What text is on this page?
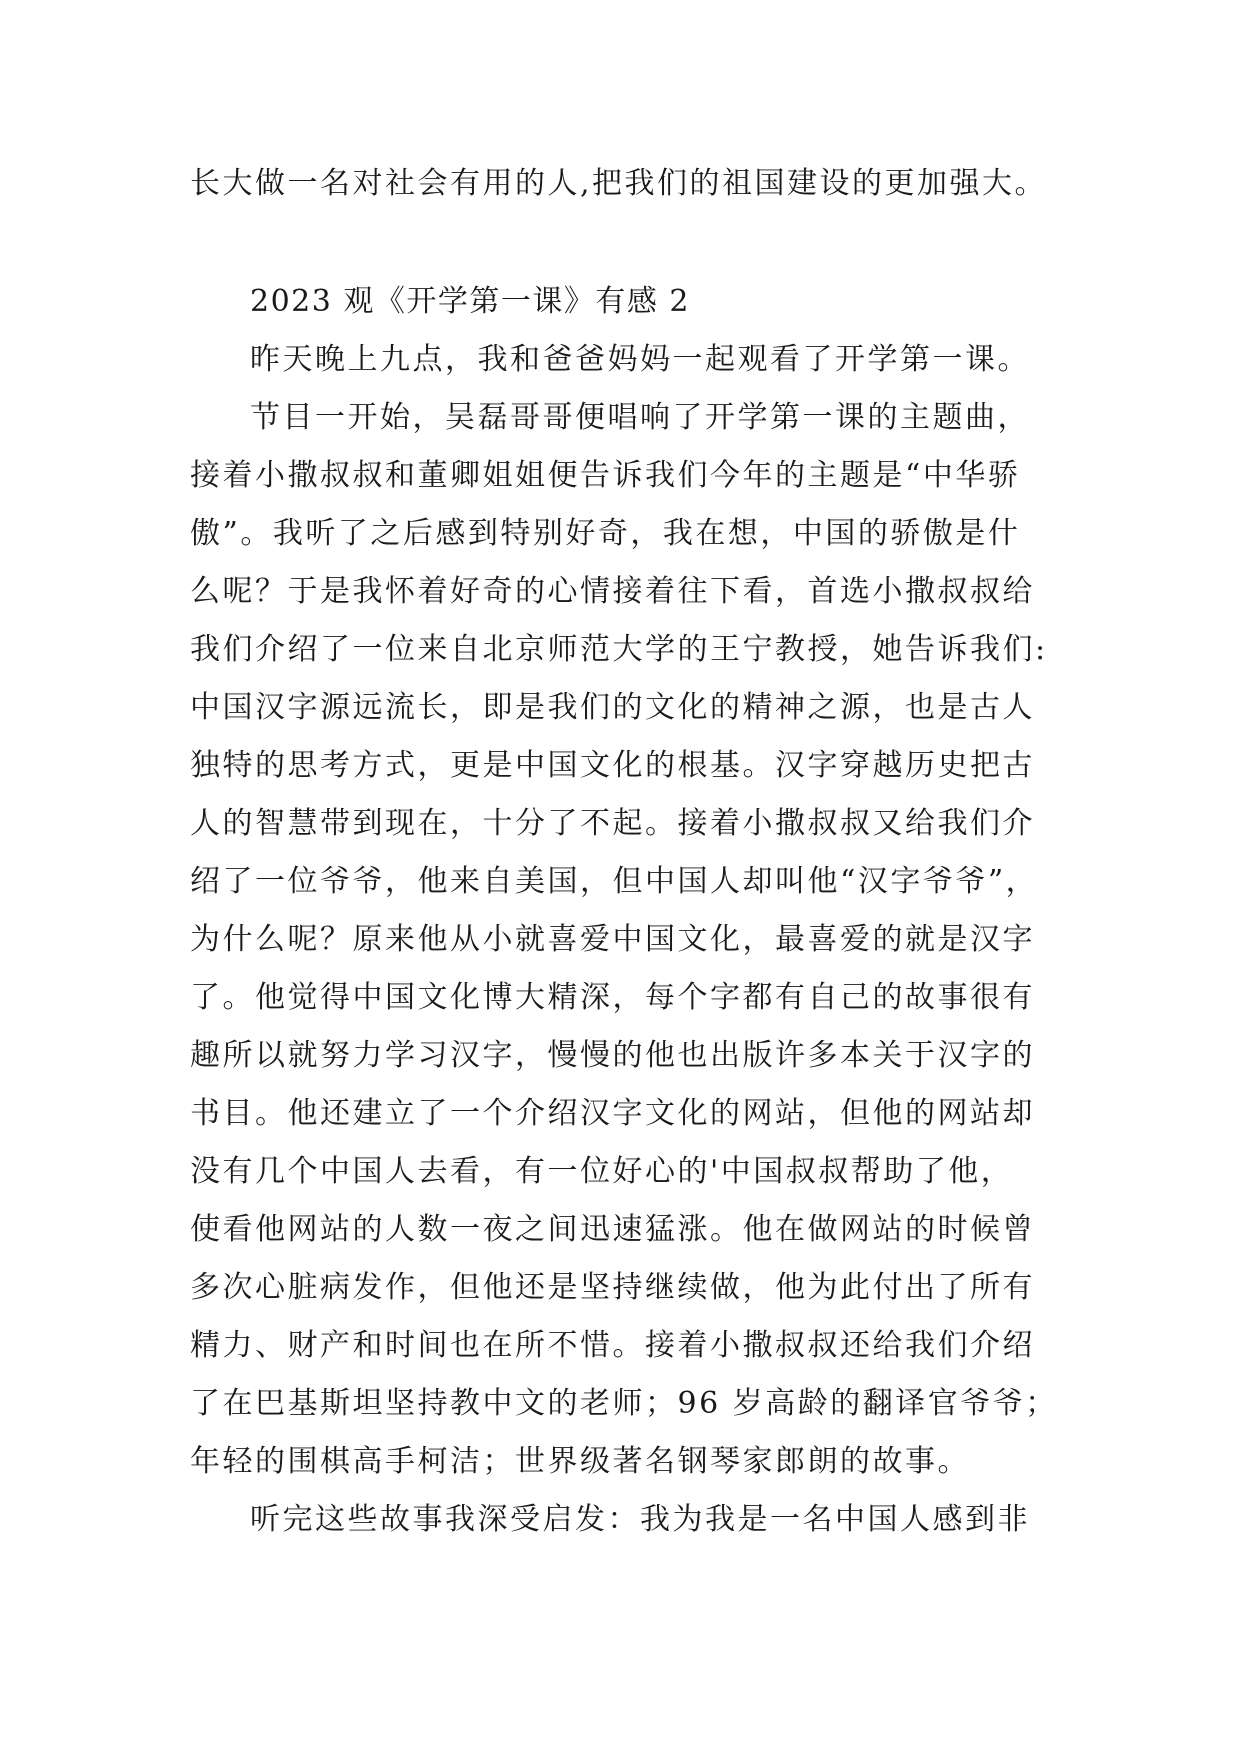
长大做一名对社会有用的人,把我们的祖国建设的更加强大。
2023 观《开学第一课》有感 2
昨天晚上九点，我和爸爸妈妈一起观看了开学第一课。
节目一开始，吴磊哥哥便唱响了开学第一课的主题曲，
接着小撒叔叔和董卿姐姐便告诉我们今年的主题是“中华骄
傲”。我听了之后感到特别好奇，我在想，中国的骄傲是什
么呢？于是我怀着好奇的心情接着往下看，首选小撒叔叔给
我们介绍了一位来自北京师范大学的王宁教授，她告诉我们:
中国汉字源远流长，即是我们的文化的精神之源，也是古人
独特的思考方式，更是中国文化的根基。汉字穿越历史把古
人的智慧带到现在，十分了不起。接着小撒叔叔又给我们介
绍了一位爷爷，他来自美国，但中国人却叫他“汉字爷爷”，
为什么呢？原来他从小就喜爱中国文化，最喜爱的就是汉字
了。他觉得中国文化博大精深，每个字都有自己的故事很有
趣所以就努力学习汉字，慢慢的他也出版许多本关于汉字的
书目。他还建立了一个介绍汉字文化的网站，但他的网站却
没有几个中国人去看，有一位好心的'中国叔叔帮助了他，
使看他网站的人数一夜之间迅速猛涨。他在做网站的时候曾
多次心脏病发作，但他还是坚持继续做，他为此付出了所有
精力、财产和时间也在所不惜。接着小撒叔叔还给我们介绍
了在巴基斯坦坚持教中文的老师；96 岁高龄的翻译官爷爷；
年轻的围棋高手柯洁；世界级著名钢琴家郎朗的故事。
听完这些故事我深受启发：我为我是一名中国人感到非
